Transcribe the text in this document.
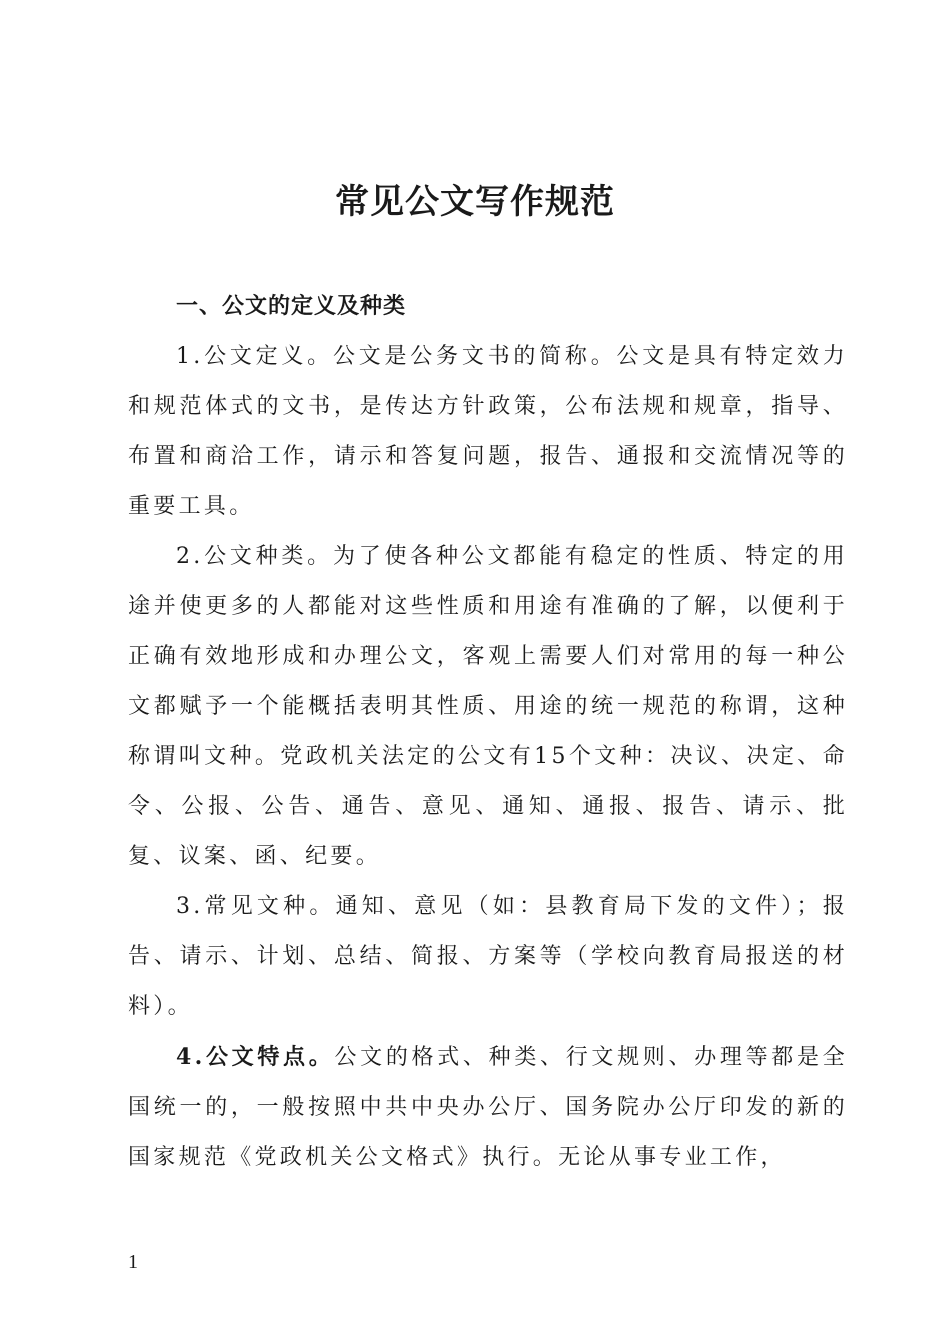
常见公文写作规范

一、公文的定义及种类

1.公文定义。公文是公务文书的简称。公文是具有特定效力和规范体式的文书，是传达方针政策，公布法规和规章，指导、布置和商洽工作，请示和答复问题，报告、通报和交流情况等的重要工具。

2.公文种类。为了使各种公文都能有稳定的性质、特定的用途并使更多的人都能对这些性质和用途有准确的了解，以便利于正确有效地形成和办理公文，客观上需要人们对常用的每一种公文都赋予一个能概括表明其性质、用途的统一规范的称谓，这种称谓叫文种。党政机关法定的公文有15个文种：决议、决定、命令、公报、公告、通告、意见、通知、通报、报告、请示、批复、议案、函、纪要。

3.常见文种。通知、意见（如：县教育局下发的文件）；报告、请示、计划、总结、简报、方案等（学校向教育局报送的材料）。

4.公文特点。公文的格式、种类、行文规则、办理等都是全国统一的，一般按照中共中央办公厅、国务院办公厅印发的新的国家规范《党政机关公文格式》执行。无论从事专业工作，

1
